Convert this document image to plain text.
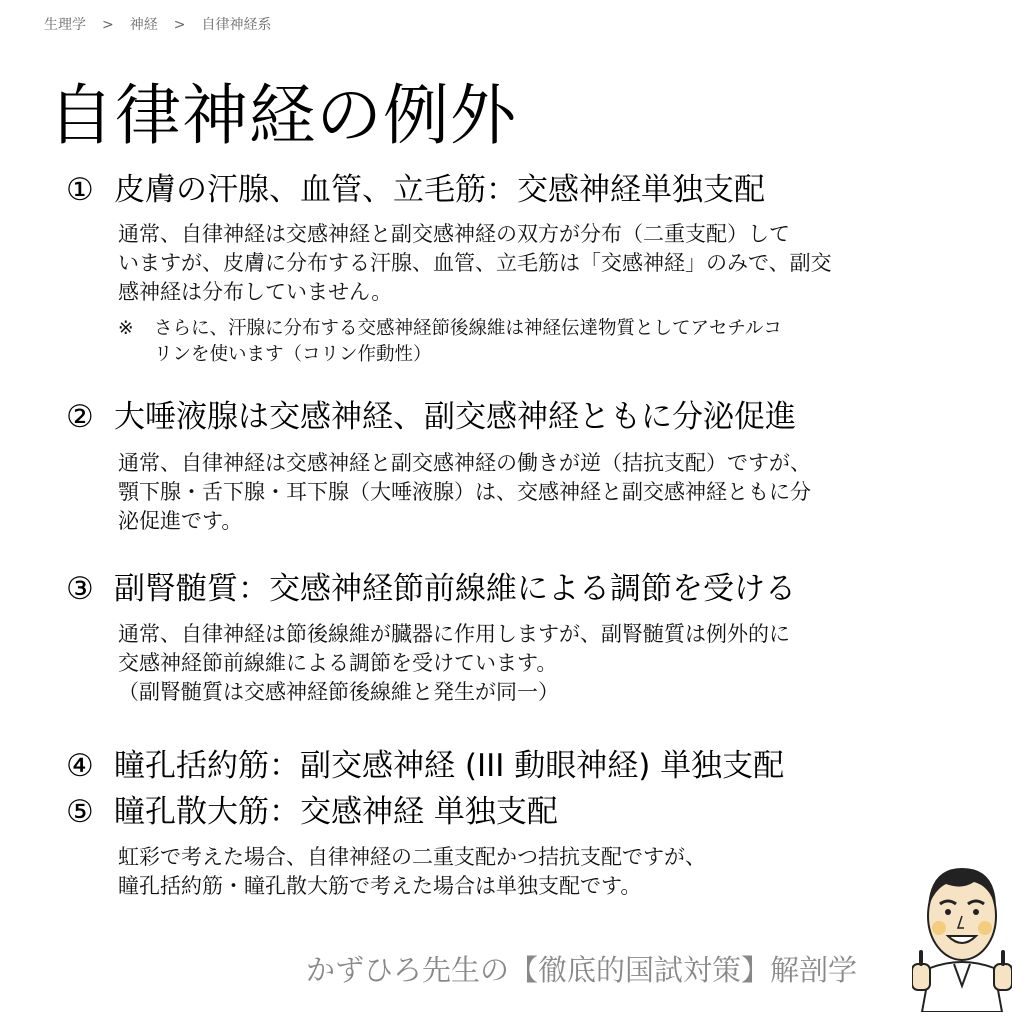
生理学 > 神経 > 自律神経系
自律神経の例外
① 皮膚の汗腺、血管、立毛筋：交感神経単独支配
通常、自律神経は交感神経と副交感神経の双方が分布（二重支配）して
いますが、皮膚に分布する汗腺、血管、立毛筋は「交感神経」のみで、副交
感神経は分布していません。
※ さらに、汗腺に分布する交感神経節後線維は神経伝達物質としてアセチルコ
リンを使います（コリン作動性）
② 大唾液腺は交感神経、副交感神経ともに分泌促進
通常、自律神経は交感神経と副交感神経の働きが逆（拮抗支配）ですが、
顎下腺・舌下腺・耳下腺（大唾液腺）は、交感神経と副交感神経ともに分
泌促進です。
③ 副腎髄質：交感神経節前線維による調節を受ける
通常、自律神経は節後線維が臓器に作用しますが、副腎髄質は例外的に
交感神経節前線維による調節を受けています。
（副腎髄質は交感神経節後線維と発生が同一）
④ 瞳孔括約筋：副交感神経 (III 動眼神経) 単独支配
⑤ 瞳孔散大筋：交感神経 単独支配
虹彩で考えた場合、自律神経の二重支配かつ拮抗支配ですが、
瞳孔括約筋・瞳孔散大筋で考えた場合は単独支配です。
かずひろ先生の【徹底的国試対策】解剖学
